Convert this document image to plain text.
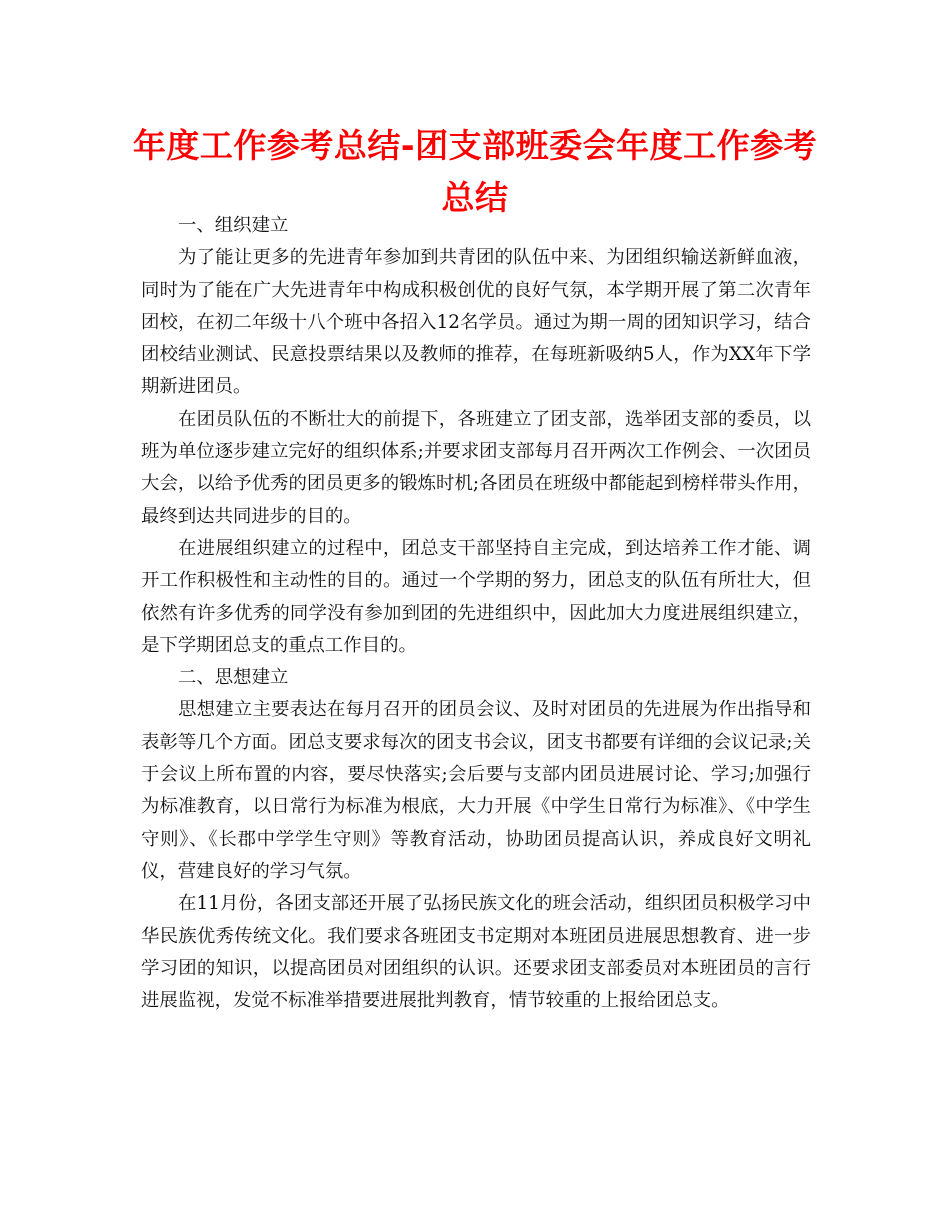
年度工作参考总结-团支部班委会年度工作参考总结

一、组织建立

为了能让更多的先进青年参加到共青团的队伍中来、为团组织输送新鲜血液，同时为了能在广大先进青年中构成积极创优的良好气氛，本学期开展了第二次青年团校，在初二年级十八个班中各招入12名学员。通过为期一周的团知识学习，结合团校结业测试、民意投票结果以及教师的推荐，在每班新吸纳5人，作为XX年下学期新进团员。

在团员队伍的不断壮大的前提下，各班建立了团支部，选举团支部的委员，以班为单位逐步建立完好的组织体系;并要求团支部每月召开两次工作例会、一次团员大会，以给予优秀的团员更多的锻炼时机;各团员在班级中都能起到榜样带头作用，最终到达共同进步的目的。

在进展组织建立的过程中，团总支干部坚持自主完成，到达培养工作才能、调开工作积极性和主动性的目的。通过一个学期的努力，团总支的队伍有所壮大，但依然有许多优秀的同学没有参加到团的先进组织中，因此加大力度进展组织建立，是下学期团总支的重点工作目的。

二、思想建立

思想建立主要表达在每月召开的团员会议、及时对团员的先进展为作出指导和表彰等几个方面。团总支要求每次的团支书会议，团支书都要有详细的会议记录;关于会议上所布置的内容，要尽快落实;会后要与支部内团员进展讨论、学习;加强行为标准教育，以日常行为标准为根底，大力开展《中学生日常行为标准》、《中学生守则》、《长郡中学学生守则》等教育活动，协助团员提高认识，养成良好文明礼仪，营建良好的学习气氛。

在11月份，各团支部还开展了弘扬民族文化的班会活动，组织团员积极学习中华民族优秀传统文化。我们要求各班团支书定期对本班团员进展思想教育、进一步学习团的知识，以提高团员对团组织的认识。还要求团支部委员对本班团员的言行进展监视，发觉不标准举措要进展批判教育，情节较重的上报给团总支。
